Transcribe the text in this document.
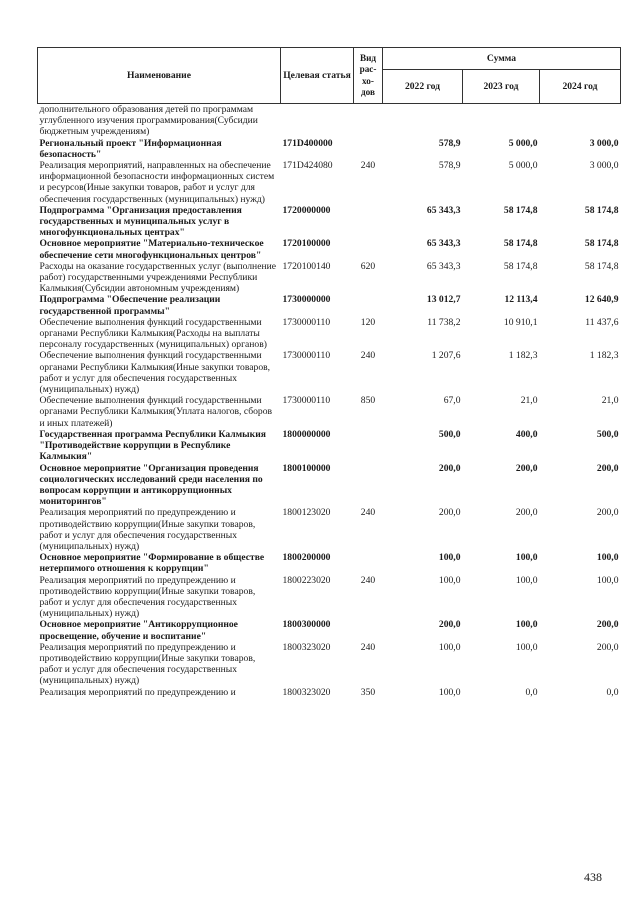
Наименование	Целевая статья	Вид рас-хо-дов	Сумма		
			2022 год	2023 год	2024 год
дополнительного образования детей по программам углубленного изучения программирования(Субсидии бюджетным учреждениям)					
Региональный проект "Информационная безопасность"	171D400000		578,9	5 000,0	3 000,0
Реализация мероприятий, направленных на обеспечение информационной безопасности информационных систем и ресурсов(Иные закупки товаров, работ и услуг для обеспечения государственных (муниципальных) нужд)	171D424080	240	578,9	5 000,0	3 000,0
Подпрограмма "Организация предоставления государственных и муниципальных услуг в многофункциональных центрах"	1720000000		65 343,3	58 174,8	58 174,8
Основное мероприятие "Материально-техническое обеспечение сети многофункциональных центров"	1720100000		65 343,3	58 174,8	58 174,8
Расходы на оказание государственных услуг (выполнение работ) государственными учреждениями Республики Калмыкия(Субсидии автономным учреждениям)	1720100140	620	65 343,3	58 174,8	58 174,8
Подпрограмма "Обеспечение реализации государственной программы"	1730000000		13 012,7	12 113,4	12 640,9
Обеспечение выполнения функций государственными органами Республики Калмыкия(Расходы на выплаты персоналу государственных (муниципальных) органов)	1730000110	120	11 738,2	10 910,1	11 437,6
Обеспечение выполнения функций государственными органами Республики Калмыкия(Иные закупки товаров, работ и услуг для обеспечения государственных (муниципальных) нужд)	1730000110	240	1 207,6	1 182,3	1 182,3
Обеспечение выполнения функций государственными органами Республики Калмыкия(Уплата налогов, сборов и иных платежей)	1730000110	850	67,0	21,0	21,0
Государственная программа Республики Калмыкия "Противодействие коррупции в Республике Калмыкия"	1800000000		500,0	400,0	500,0
Основное мероприятие "Организация проведения социологических исследований среди населения по вопросам коррупции и антикоррупционных мониторингов"	1800100000		200,0	200,0	200,0
Реализация мероприятий по предупреждению и противодействию коррупции(Иные закупки товаров, работ и услуг для обеспечения государственных (муниципальных) нужд)	1800123020	240	200,0	200,0	200,0
Основное мероприятие "Формирование в обществе нетерпимого отношения к коррупции"	1800200000		100,0	100,0	100,0
Реализация мероприятий по предупреждению и противодействию коррупции(Иные закупки товаров, работ и услуг для обеспечения государственных (муниципальных) нужд)	1800223020	240	100,0	100,0	100,0
Основное мероприятие "Антикоррупционное просвещение, обучение и воспитание"	1800300000		200,0	100,0	200,0
Реализация мероприятий по предупреждению и противодействию коррупции(Иные закупки товаров, работ и услуг для обеспечения государственных (муниципальных) нужд)	1800323020	240	100,0	100,0	200,0
Реализация мероприятий по предупреждению и	1800323020	350	100,0	0,0	0,0
438
